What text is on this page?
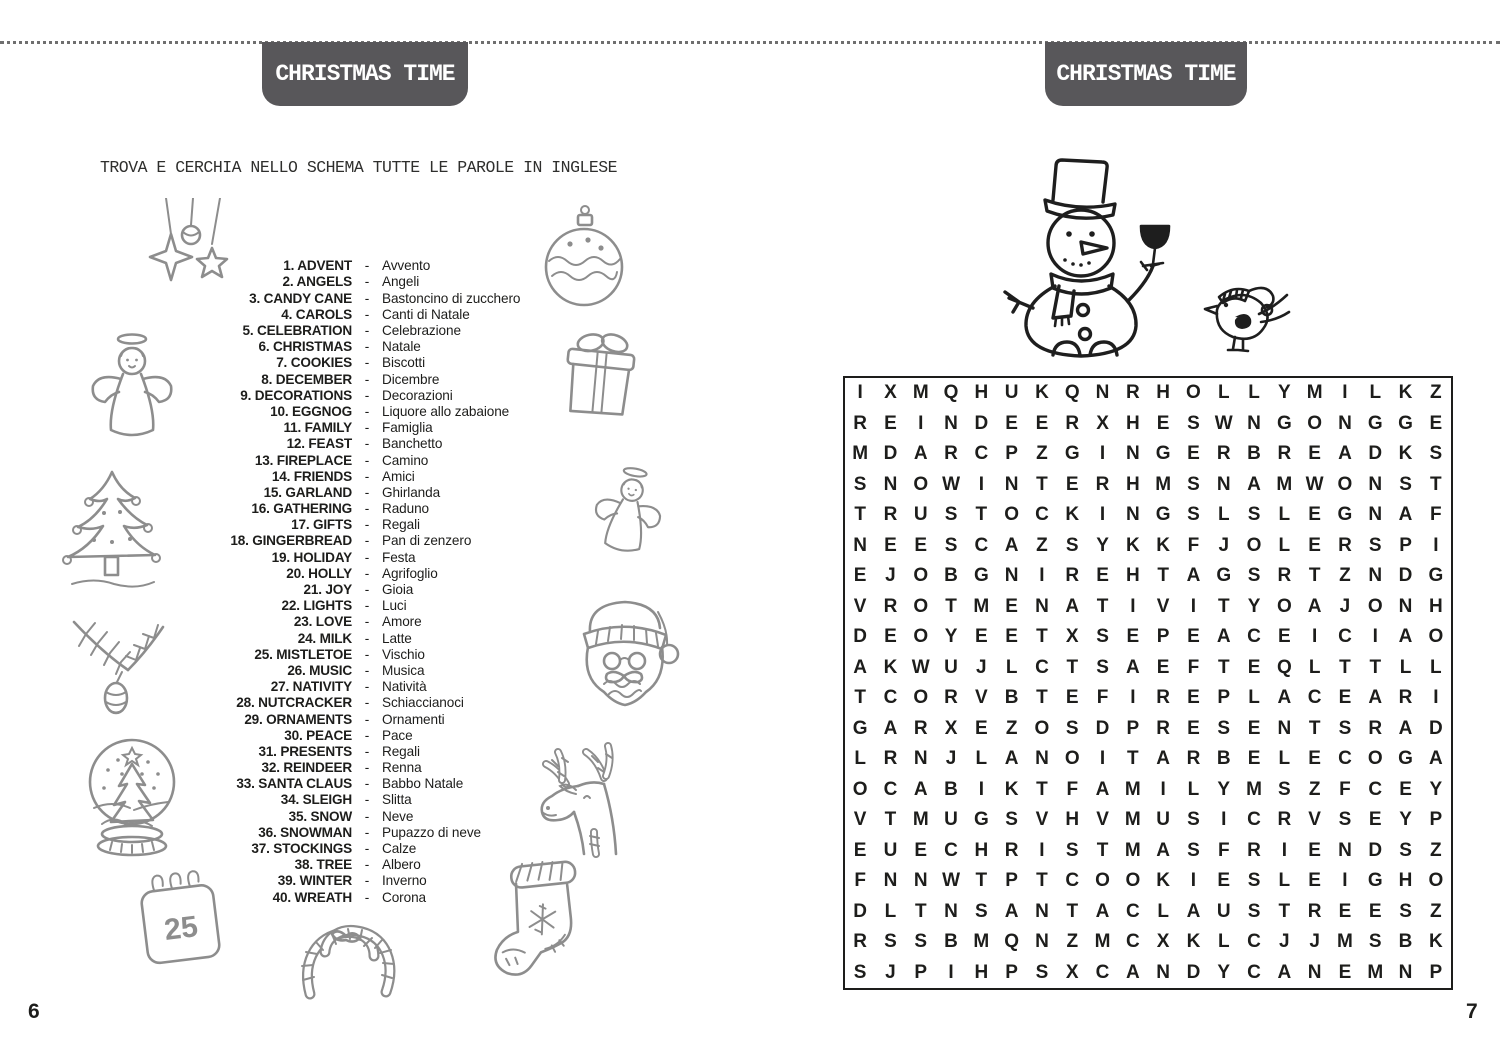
CHRISTMAS TIME
TROVA E CERCHIA NELLO SCHEMA TUTTE LE PAROLE IN INGLESE
1. ADVENT - Avvento
2. ANGELS - Angeli
3. CANDY CANE - Bastoncino di zucchero
4. CAROLS - Canti di Natale
5. CELEBRATION - Celebrazione
6. CHRISTMAS - Natale
7. COOKIES - Biscotti
8. DECEMBER - Dicembre
9. DECORATIONS - Decorazioni
10. EGGNOG - Liquore allo zabaione
11. FAMILY - Famiglia
12. FEAST - Banchetto
13. FIREPLACE - Camino
14. FRIENDS - Amici
15. GARLAND - Ghirlanda
16. GATHERING - Raduno
17. GIFTS - Regali
18. GINGERBREAD - Pan di zenzero
19. HOLIDAY - Festa
20. HOLLY - Agrifoglio
21. JOY - Gioia
22. LIGHTS - Luci
23. LOVE - Amore
24. MILK - Latte
25. MISTLETOE - Vischio
26. MUSIC - Musica
27. NATIVITY - Natività
28. NUTCRACKER - Schiaccianoci
29. ORNAMENTS - Ornamenti
30. PEACE - Pace
31. PRESENTS - Regali
32. REINDEER - Renna
33. SANTA CLAUS - Babbo Natale
34. SLEIGH - Slitta
35. SNOW - Neve
36. SNOWMAN - Pupazzo di neve
37. STOCKINGS - Calze
38. TREE - Albero
39. WINTER - Inverno
40. WREATH - Corona
25
CHRISTMAS TIME
I	X M Q H U K Q N R H O L L Y M	I	L K Z
R E	I	N D E E R X H E S W N G O N G G E
M D A R C P Z G	I	N G E R B R E A D K S
S N O W I	N T E R H M S N A M W O N S T
T R U S T O C K	I	N G S L S L E G N A F
N E E S C A Z S Y K K F	J O L E R S P	I
E J O B G N	I	R E H T A G S R T Z N D G
V R O T M E N A T	I	V	I	T Y O A J O N H
D E O Y E E T X S E P E A C E	I	C	I	A O
A K W U J	L C T S A E F T E Q L T T L L
T C O R V B T E F	I	R E P L A C E A R	I
G A R X E Z O S D P R E S E N T S R A D
L R N J	L A N O	I	T A R B E L E C O G A
O C A B	I	K T F A M	I	L Y M S Z F C E Y
V T M U G S V H V M U S	I	C R V S E Y P
E U E C H R	I	S T M A S F R	I	E N D S Z
F N N W T P T C O O K	I	E S L E	I	G H O
D L T N S A N T A C L A U S T R E E S Z
R S S B M Q N Z M C X K L C J	J M S B K
S J P	I	H P S X C A N D Y C A N E M N P
6	7
